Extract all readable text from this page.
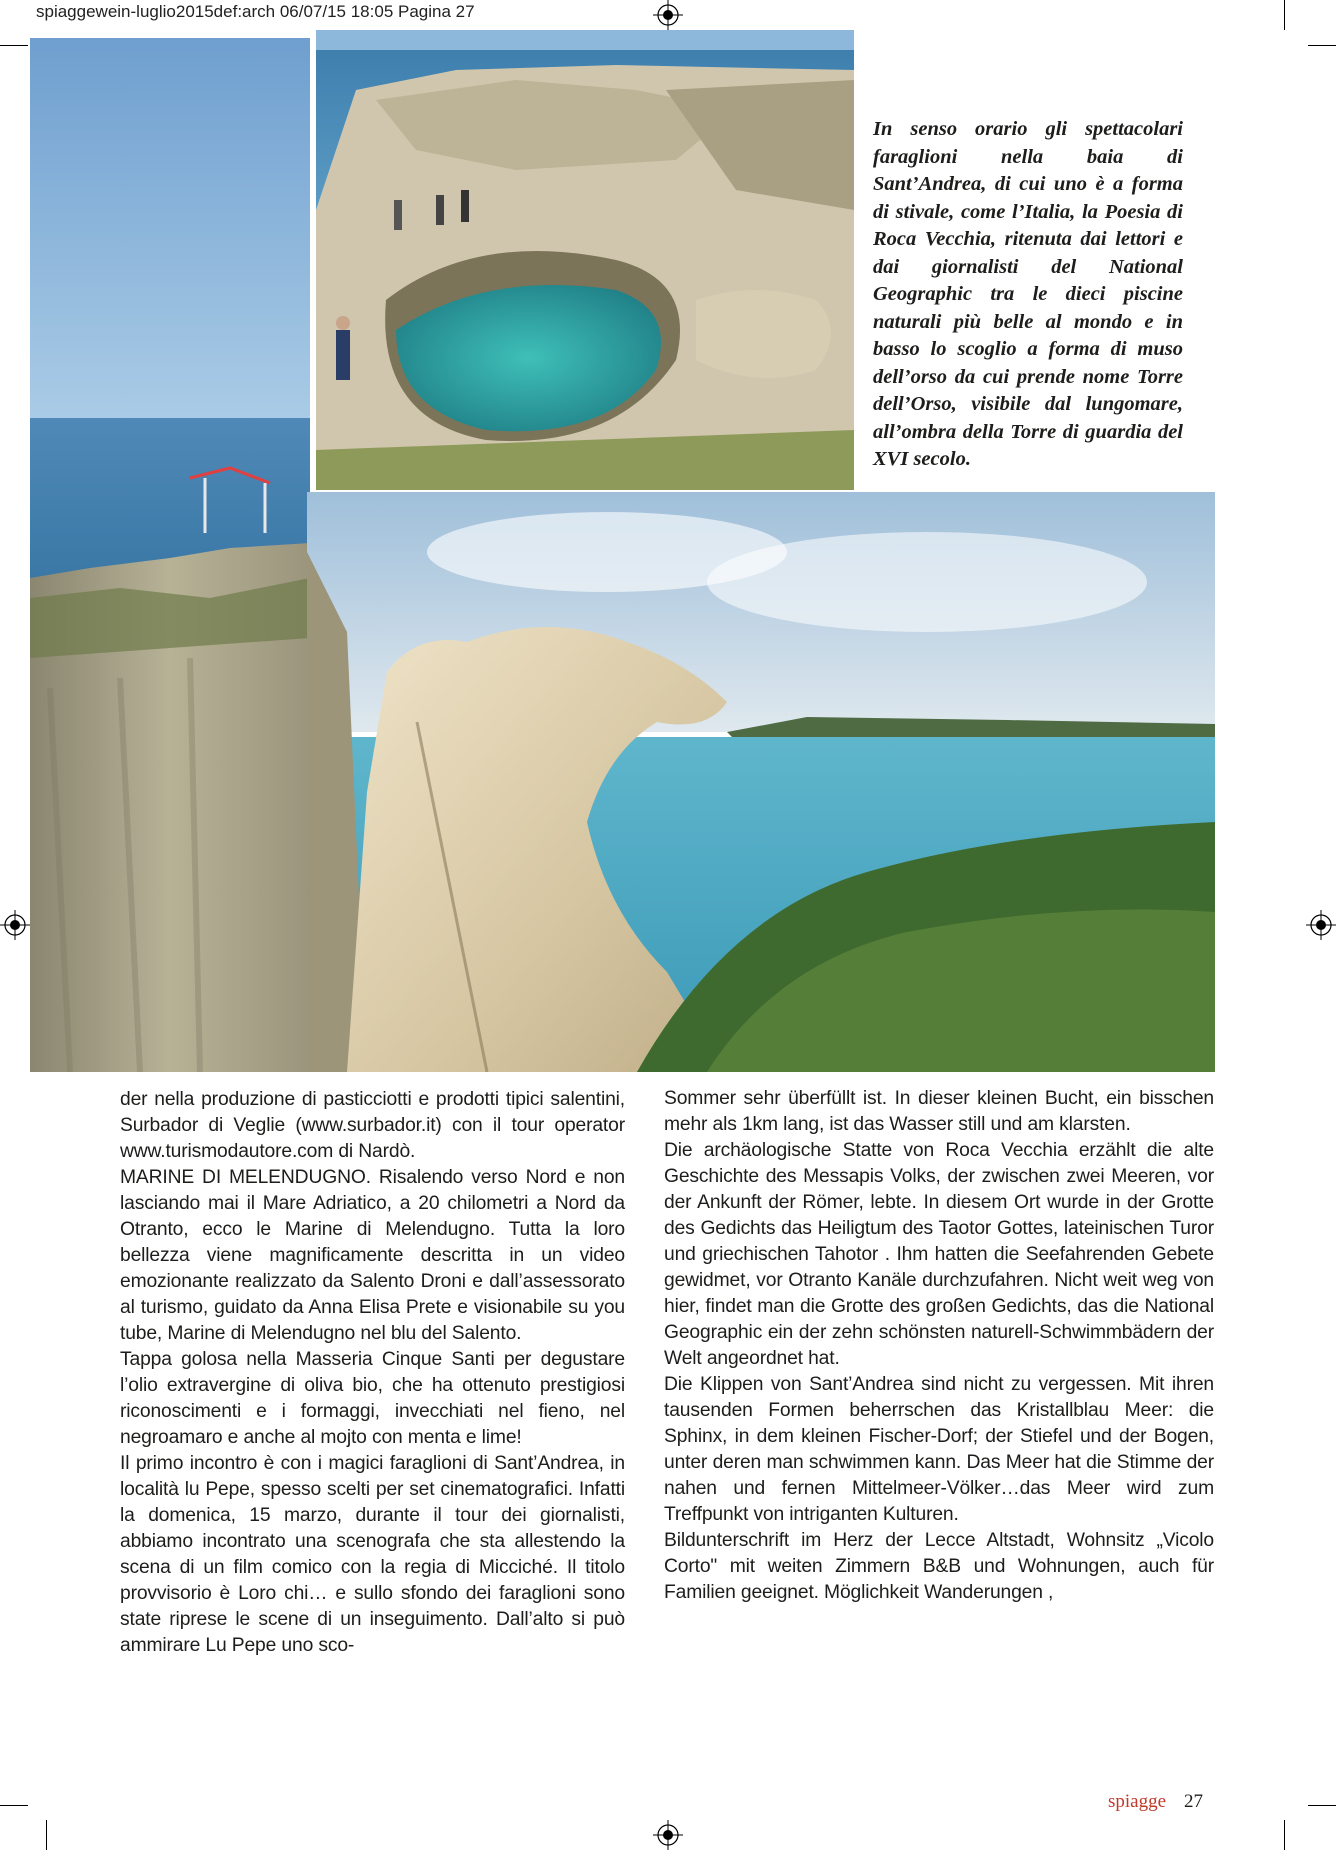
spiaggewein-luglio2015def:arch 06/07/15 18:05 Pagina 27
In senso orario gli spettacolari faraglioni nella baia di Sant’Andrea, di cui uno è a forma di stivale, come l’Italia, la Poesia di Roca Vecchia, ritenuta dai lettori e dai giornalisti del National Geographic tra le dieci piscine naturali più belle al mondo e in basso lo scoglio a forma di muso dell’orso da cui prende nome Torre dell’Orso, visibile dal lungomare, all’ombra della Torre di guardia del XVI secolo.

der nella produzione di pasticciotti e prodotti tipici salentini, Surbador di Veglie (www.surbador.it) con il tour operator www.turismodautore.com di Nardò.

MARINE DI MELENDUGNO. Risalendo verso Nord e non lasciando mai il Mare Adriatico, a 20 chilometri a Nord da Otranto, ecco le Marine di Melendugno. Tutta la loro bellezza viene magnificamente descritta in un video emozionante realizzato da Salento Droni e dall’assessorato al turismo, guidato da Anna Elisa Prete e visionabile su you tube, Marine di Melendugno nel blu del Salento.

Tappa golosa nella Masseria Cinque Santi per degustare l’olio extravergine di oliva bio, che ha ottenuto prestigiosi riconoscimenti e i formaggi, invecchiati nel fieno, nel negroamaro e anche al mojto con menta e lime!

Il primo incontro è con i magici faraglioni di Sant’Andrea, in località lu Pepe, spesso scelti per set cinematografici. Infatti la domenica, 15 marzo, durante il tour dei giornalisti, abbiamo incontrato una scenografa che sta allestendo la scena di un film comico con la regia di Micciché. Il titolo provvisorio è Loro chi… e sullo sfondo dei faraglioni sono state riprese le scene di un inseguimento. Dall’alto si può ammirare Lu Pepe uno sco-

Sommer sehr überfüllt ist. In dieser kleinen Bucht, ein bisschen mehr als 1km lang, ist das Wasser still und am klarsten.

Die archäologische Statte von Roca Vecchia erzählt die alte Geschichte des Messapis Volks, der zwischen zwei Meeren, vor der Ankunft der Römer, lebte. In diesem Ort wurde in der Grotte des Gedichts das Heiligtum des Taotor Gottes, lateinischen Turor und griechischen Tahotor . Ihm hatten die Seefahrenden Gebete gewidmet, vor Otranto Kanäle durchzufahren. Nicht weit weg von hier, findet man die Grotte des großen Gedichts, das die National Geographic ein der zehn schönsten naturell-Schwimmbädern der Welt angeordnet hat.

Die Klippen von Sant’Andrea sind nicht zu vergessen. Mit ihren tausenden Formen beherrschen das Kristallblau Meer: die Sphinx, in dem kleinen Fischer-Dorf; der Stiefel und der Bogen, unter deren man schwimmen kann. Das Meer hat die Stimme der nahen und fernen Mittelmeer-Völker…das Meer wird zum Treffpunkt von intriganten Kulturen.

Bildunterschrift im Herz der Lecce Altstadt, Wohnsitz „Vicolo Corto" mit weiten Zimmern B&B und Wohnungen, auch für Familien geeignet. Möglichkeit Wanderungen ,

spiagge 27
